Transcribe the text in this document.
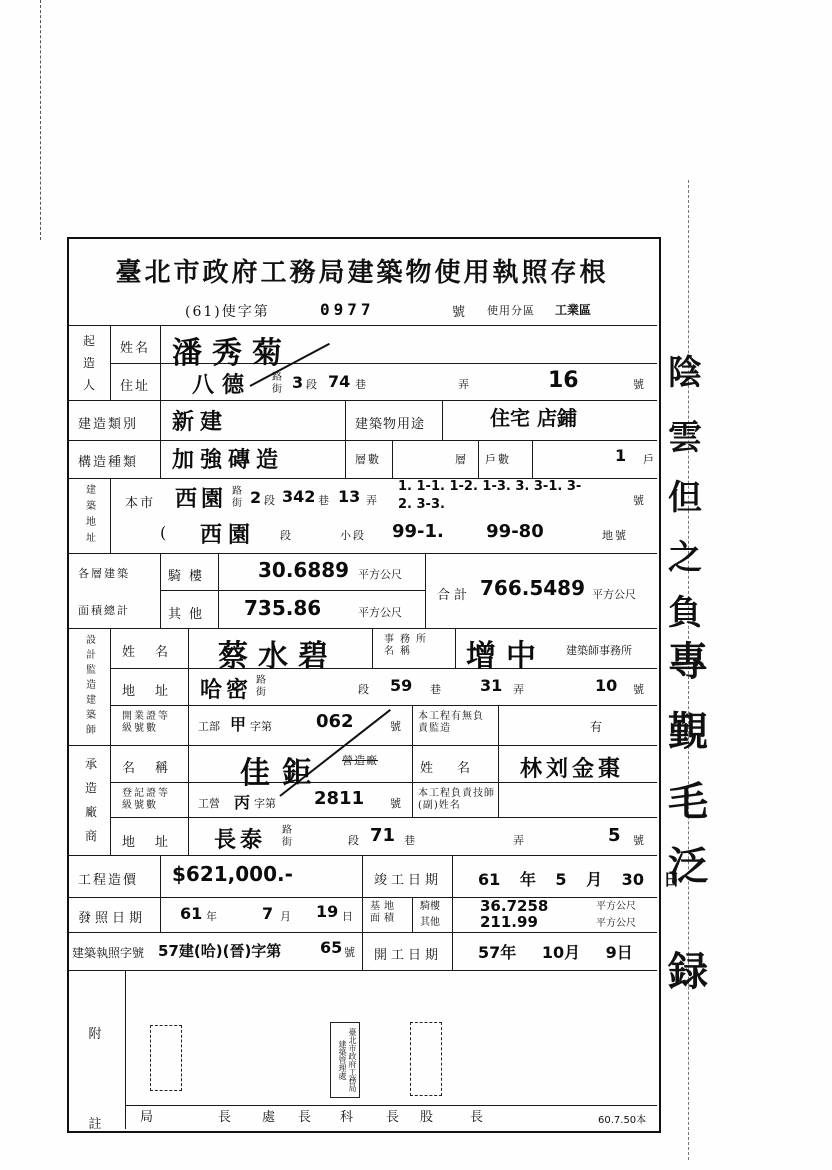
臺北市政府工務局建築物使用執照存根
(61)使字第	0977	號 使用分區 工業區
起造人
姓名 潘秀菊
住址 八德 路街 3 段 74 巷	弄	16	號
建造類別 新建	建築物用途	住宅 店鋪
構造種類 加強磚造	層數	層 戶數	1 戶
建築地址
本市 西園 路街 2 段 342 巷 13 弄
1. 1-1. 1-2. 1-3. 3. 3-1. 3-2. 3-3.	號
( 西園 段	小段 99-1. 99-80	地號
各層建築
面積總計
騎樓 30.6889 平方公尺
其他 735.86	平方公尺
合計 766.5489 平方公尺
設計監造建築師
姓名 蔡水碧	事務所名稱	增中 建築師事務所
地址 哈密 路街	段 59 巷 31 弄	10 號
開業證等級號數	工部 甲 字第 062	號
本工程有無負責監造	有
承造廠商
名稱 佳鉅 營造廠
姓名 林刘金棗
登記證等級號數	工營 丙 字第 2811 號
本工程負責技師(副)姓名
地址 長泰 路街	段 71 巷	弄	5 號
工程造價 $621,000.-	竣工日期 61 年 5 月 30 日
發照日期 61 年	7 月 19 日
基地面積
騎樓	36.7258	平方公尺
其他	211.99	平方公尺
建築執照字號 57建(哈)(晉)字第 65 號 開工日期 57年 10月 9日
附註
臺北市政府工務局建築管理處
局	長 處 長 科 長 股	長	60.7.50本
陰
雲
但
之
負
專
覲
毛
泛
録
